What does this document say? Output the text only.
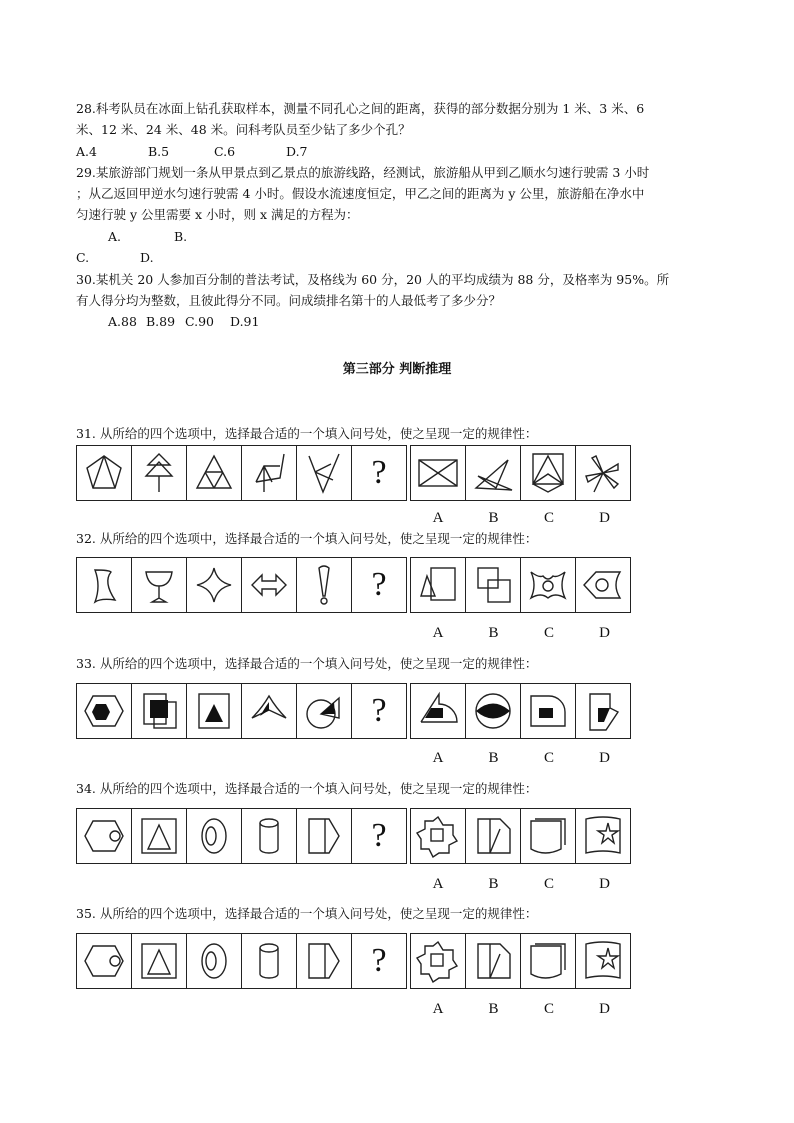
28.科考队员在冰面上钻孔获取样本，测量不同孔心之间的距离，获得的部分数据分别为 1 米、3 米、6
米、12 米、24 米、48 米。问科考队员至少钻了多少个孔？
A.4	B.5	C.6	D.7
29.某旅游部门规划一条从甲景点到乙景点的旅游线路，经测试，旅游船从甲到乙顺水匀速行驶需 3 小时
；从乙返回甲逆水匀速行驶需 4 小时。假设水流速度恒定，甲乙之间的距离为 y 公里，旅游船在净水中
匀速行驶 y 公里需要 x 小时，则 x 满足的方程为：
A.	B.
C.	D.
30.某机关 20 人参加百分制的普法考试，及格线为 60 分，20 人的平均成绩为 88 分，及格率为 95%。所
有人得分均为整数，且彼此得分不同。问成绩排名第十的人最低考了多少分？
A.88 B.89 C.90 D.91
第三部分 判断推理
31. 从所给的四个选项中，选择最合适的一个填入问号处，使之呈现一定的规律性：
?
A	B	C	D
32. 从所给的四个选项中，选择最合适的一个填入问号处，使之呈现一定的规律性：
?
A	B	C	D
33. 从所给的四个选项中，选择最合适的一个填入问号处，使之呈现一定的规律性：
?
A	B	C	D
34. 从所给的四个选项中，选择最合适的一个填入问号处，使之呈现一定的规律性：
?
A	B	C	D
35. 从所给的四个选项中，选择最合适的一个填入问号处，使之呈现一定的规律性：
?
A	B	C	D
